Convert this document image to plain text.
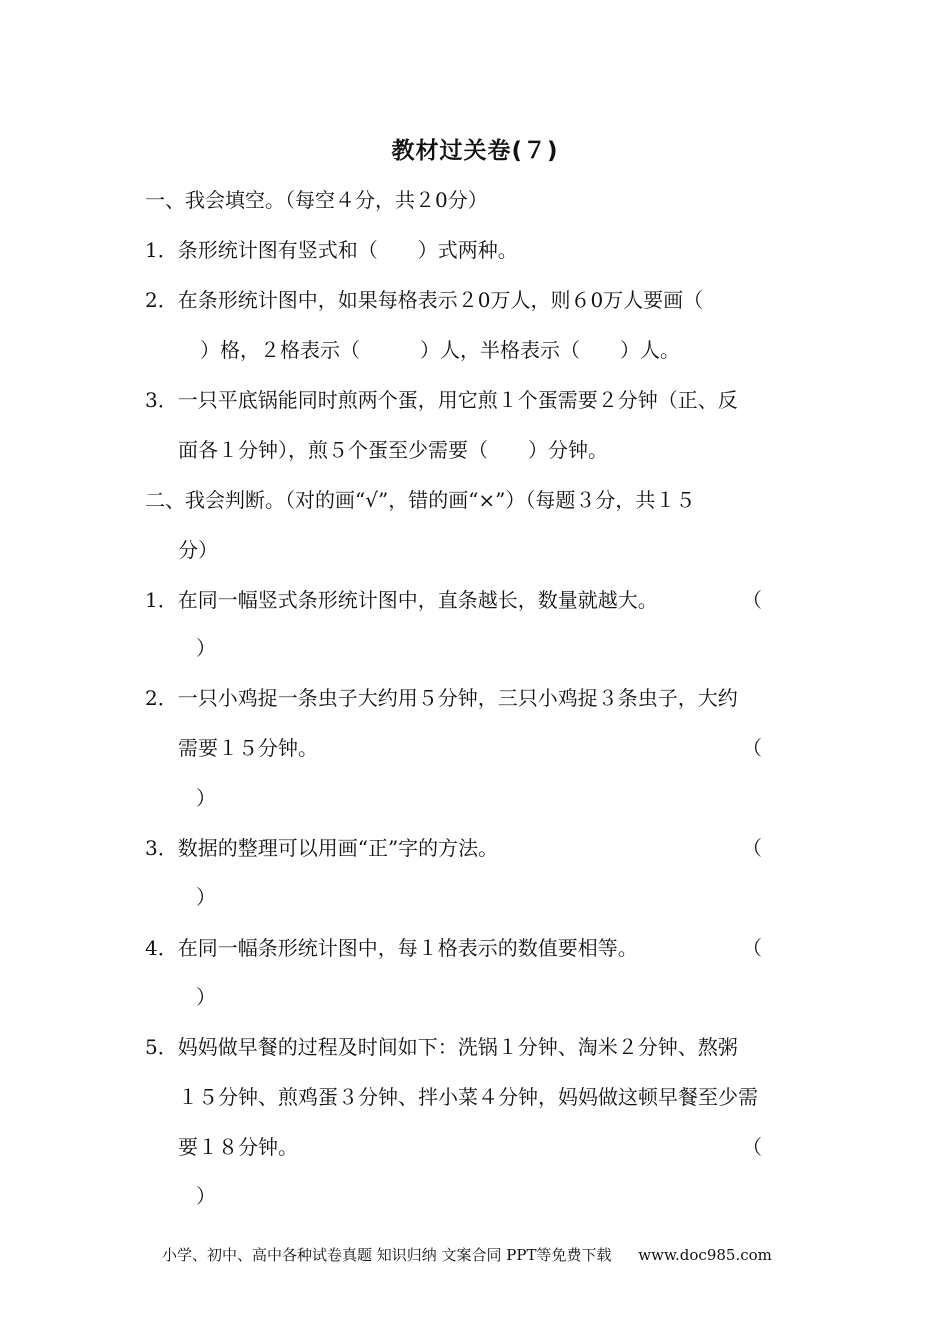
教材过关卷(７)
一、我会填空。（每空４分，共２0分）
1．条形统计图有竖式和（　　）式两种。
2．在条形统计图中，如果每格表示２0万人，则６0万人要画（
）格，２格表示（　　　）人，半格表示（　　）人。
3．一只平底锅能同时煎两个蛋，用它煎１个蛋需要２分钟（正、反
面各１分钟），煎５个蛋至少需要（　　）分钟。
二、我会判断。（对的画“√”，错的画“×”）（每题３分，共１５
分）
1．在同一幅竖式条形统计图中，直条越长，数量就越大。	（
）
2．一只小鸡捉一条虫子大约用５分钟，三只小鸡捉３条虫子，大约
需要１５分钟。	（
）
3．数据的整理可以用画“正”字的方法。	（
）
4．在同一幅条形统计图中，每１格表示的数值要相等。	（
）
5．妈妈做早餐的过程及时间如下：洗锅１分钟、淘米２分钟、熬粥
１５分钟、煎鸡蛋３分钟、拌小菜４分钟，妈妈做这顿早餐至少需
要１８分钟。	（
）
小学、初中、高中各种试卷真题 知识归纳 文案合同 PPT等免费下载 www.doc985.com
